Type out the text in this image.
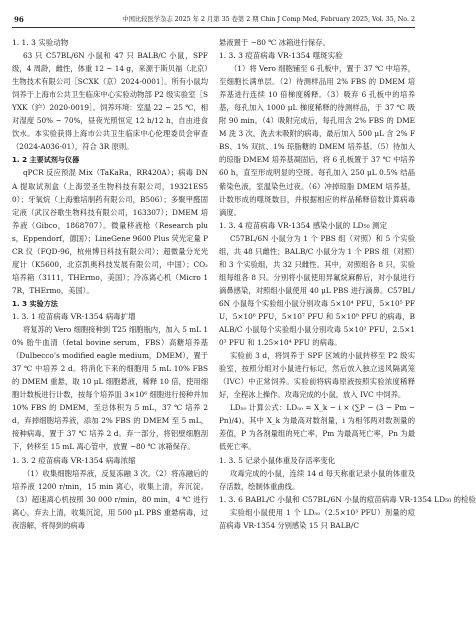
96	中国比较医学杂志 2025 年 2 月第 35 卷第 2 期 Chin J Comp Med, February 2025, Vol. 35, No. 2
1. 1. 3 实验动物

63 只 C57BL/6N 小鼠和 47 只 BALB/C 小鼠，SPF 级，4 周龄，雌性，体重 12 ~ 14 g，来源于斯贝福（北京）生物技术有限公司［SCXK（京）2024-0001］。所有小鼠均饲养于上海市公共卫生临床中心实验动物部 P2 级实验室［SYXK（沪）2020-0019］。饲养环境：室温 22 ~ 25 ℃，相对湿度 50% ~ 70%，昼夜光照恒定 12 h/12 h，自由进食饮水。本实验获得上海市公共卫生临床中心伦理委员会审查（2024-A036-01），符合 3R 原则。

1. 2 主要试剂与仪器

qPCR 反应预混 Mix（TaKaRa，RR420A）；病毒 DNA 提取试剂盒（上海翌圣生物科技有限公司，19321ES50）；牙氧烷（上海雅培制药有限公司，B506）；多聚甲醛固定液（武汉谷歌生物科技有限公司，163307）；DMEM 培养液（Gibco，1868707）。微量移液枪（Research plus，Eppendorf，德国）；LineGene 9600 Plus 荧光定量 PCR 仪（FQD-96，杭州博日科技有限公司）；超微量分光光度计（K5600，北京凯奥科技发展有限公司，中国）；CO₂ 培养箱（3111，THErmo，美国）；冷冻离心机（Micro 17R，THErmo，美国）。

1. 3 实验方法
1. 3. 1 痘苗病毒 VR-1354 病毒扩增

将复苏的 Vero 细胞接种到 T25 细胞瓶内，加入 5 mL 10% 胎牛血清（fetal bovine serum，FBS）高糖培养基（Dulbecco’s modified eagle medium，DMEM），置于 37 ℃ 中培养 2 d。将消化下来的细胞用 5 mL 10% FBS 的 DMEM 重悬，取 10 μL 细胞悬液，稀释 10 倍，使用细胞计数板进行计数，按每个培养皿 3×10⁶ 细胞进行接种并加 10% FBS 的 DMEM，至总体积为 5 mL，37 ℃ 培养 2 d，弃掉细胞培养液，添加 2% FBS 的 DMEM 至 5 mL，接种病毒，置于 37 ℃ 培养 2 d。弃一部分，将铝壁细胞刮下，转移至 15 mL 离心管中，放置 −80 ℃ 冰箱保存。

1. 3. 2 痘苗病毒 VR-1354 病毒浓缩

（1）收集细胞培养液，反复冻融 3 次。（2）将冻融后的培养液 1200 r/min，15 min 离心，收集上清，弃沉淀。（3）超速离心机按照 30 000 r/min，80 min，4 ℃ 进行离心，弃去上清，收集沉淀，用 500 μL PBS 重悬病毒，过夜溶解，将得到的病毒

悬液置于 −80 ℃ 冰箱进行保存。

1. 3. 3 痘苗病毒 VR-1354 噬斑实验

（1）将 Vero 细胞铺至 6 孔板中，置于 37 ℃ 中培养，至细胞长满单层。（2）待测样品用 2% FBS 的 DMEM 培养基进行连续 10 倍梯度稀释。（3）吸弃 6 孔板中的培养基，每孔加入 1000 μL 梯度稀释的待测样品，于 37 ℃ 吸附 90 min。（4）吸附完成后，每孔用含 2% FBS 的 DMEM 洗 3 次，洗去未吸附的病毒，最后加入 500 μL 含 2% FBS、1% 双抗、1% 琼脂糖的 DMEM 培养基。（5）待加入的琼脂 DMEM 培养基凝固后，将 6 孔板置于 37 ℃ 中培养 60 h，直至形成明显的空斑。每孔加入 250 μL 0.5% 结晶紫染色液，室温染色过夜。（6）冲掉琼脂 DMEM 培养基，计数形成的噬斑数目，并根据相应的样品稀释倍数计算病毒滴度。

1. 3. 4 痘苗病毒 VR-1354 感染小鼠的 LD₅₀ 测定

C57BL/6N 小鼠分为 1 个 PBS 组（对照）和 5 个实验组，共 48 只雌性；BALB/C 小鼠分为 1 个 PBS 组（对照）和 3 个实验组，共 32 只雌性。其中，对照组各 8 只，实验组每组各 8 只。分别将小鼠使用异氟烷麻醉后，对小鼠进行滴鼻感染，对照组小鼠使用 40 μL PBS 进行滴鼻。C57BL/6N 小鼠每个实验组小鼠分别攻毒 5×10⁴ PFU，5×10⁵ PFU，5×10⁶ PFU，5×10⁷ PFU 和 5×10⁸ PFU 的病毒，BALB/C 小鼠每个实验组小鼠分别攻毒 5×10² PFU，2.5×10³ PFU 和 1.25×10⁴ PFU 的病毒。

实验前 3 d，将饲养于 SPF 区域的小鼠转移至 P2 级实验室，按照分组对小鼠进行标记，然后放入独立送风隔离笼（IVC）中正常饲养。实验前将病毒原液按照实验浓度稀释好，全程冰上操作。攻毒完成的小鼠，放入 IVC 中饲养。

LD₅₀ 计算公式：LD₅₀ = X_k − i × (∑P − (3 − Pm − Pn)/4)。其中 X_k 为最高对数剂量，i 为相邻两对数剂量的差值，P 为各剂量组的死亡率，Pm 为最高死亡率，Pn 为最低死亡率。

1. 3. 5 记录小鼠体重及存活率变化

攻毒完成的小鼠，连续 14 d 每天称重记录小鼠的体重及存活数，绘制体重曲线。

1. 3. 6 BABL/C 小鼠和 C57BL/6N 小鼠的痘苗病毒 VR-1354 LD₅₀ 的检验

实验组小鼠使用 1 个 LD₅₀（2.5×10³ PFU）剂量的痘苗病毒 VR-1354 分别感染 15 只 BALB/C
